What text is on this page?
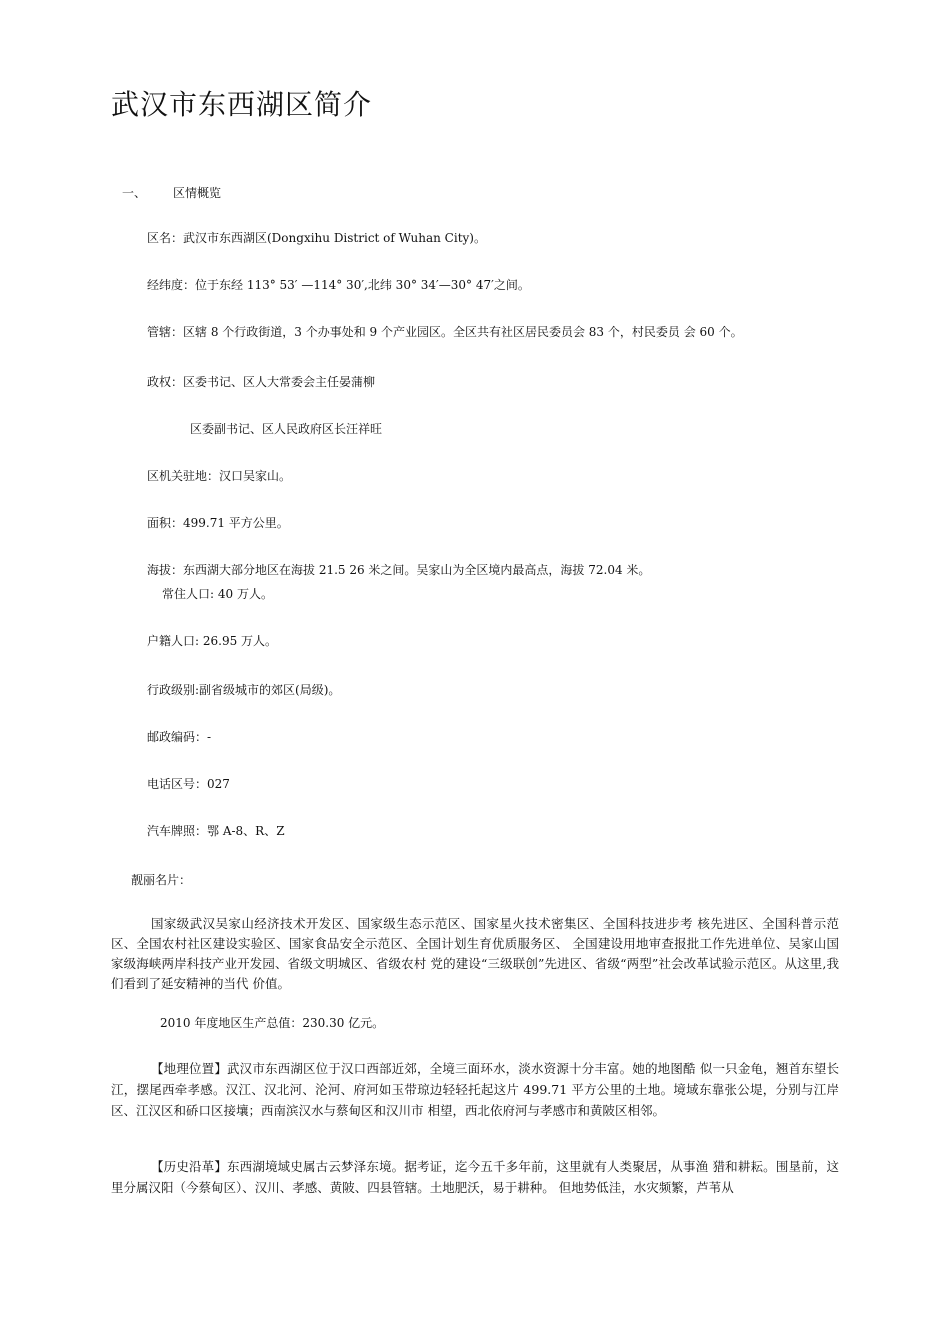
武汉市东西湖区简介
一、 区情概览
区名：武汉市东西湖区(Dongxihu District of Wuhan City)。
经纬度：位于东经 113° 53′ —114° 30′,北纬 30° 34′—30° 47′之间。
管辖：区辖 8 个行政街道，3 个办事处和 9 个产业园区。全区共有社区居民委员会 83 个，村民委员 会 60 个。
政权：区委书记、区人大常委会主任晏蒲柳
区委副书记、区人民政府区长汪祥旺
区机关驻地：汉口吴家山。
面积：499.71 平方公里。
海拔：东西湖大部分地区在海拔 21.5 26 米之间。吴家山为全区境内最高点，海拔 72.04 米。
常住人口: 40 万人。
户籍人口: 26.95 万人。
行政级别:副省级城市的郊区(局级)。
邮政编码：-
电话区号：027
汽车牌照：鄂 A-8、R、Z
靓丽名片：
国家级武汉吴家山经济技术开发区、国家级生态示范区、国家星火技术密集区、全国科技进步考 核先进区、全国科普示范区、全国农村社区建设实验区、国家食品安全示范区、全国计划生育优质服务区、 全国建设用地审查报批工作先进单位、吴家山国家级海峡两岸科技产业开发园、省级文明城区、省级农村 党的建设“三级联创”先进区、省级“两型”社会改革试验示范区。从这里,我们看到了延安精神的当代 价值。
2010 年度地区生产总值：230.30 亿元。
【地理位置】武汉市东西湖区位于汉口西部近郊，全境三面环水，淡水资源十分丰富。她的地图酷 似一只金龟，翘首东望长江，摆尾西牵孝感。汉江、汉北河、沦河、府河如玉带琼边轻轻托起这片 499.71 平方公里的土地。境域东靠张公堤，分别与江岸区、江汉区和硚口区接壤；西南滨汉水与蔡甸区和汉川市 相望，西北依府河与孝感市和黄陂区相邻。
【历史沿革】东西湖境域史属古云梦泽东境。据考证，迄今五千多年前，这里就有人类聚居，从事渔 猎和耕耘。围垦前，这里分属汉阳（今蔡甸区）、汉川、孝感、黄陂、四县管辖。土地肥沃，易于耕种。 但地势低洼，水灾频繁，芦苇从
